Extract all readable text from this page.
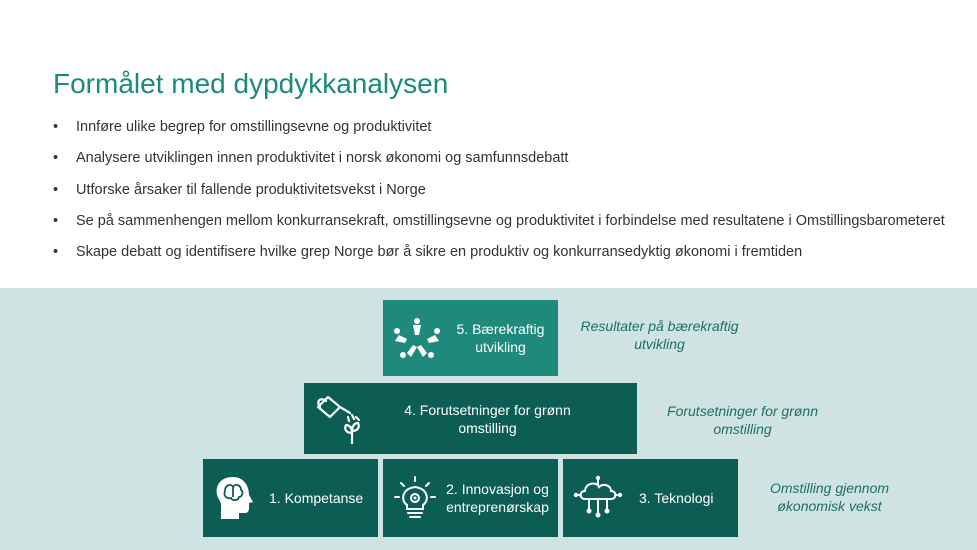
Formålet med dypdykkanalysen
• Innføre ulike begrep for omstillingsevne og produktivitet
• Analysere utviklingen innen produktivitet i norsk økonomi og samfunnsdebatt
• Utforske årsaker til fallende produktivitetsvekst i Norge
• Se på sammenhengen mellom konkurransekraft, omstillingsevne og produktivitet i forbindelse med resultatene i Omstillingsbarometeret
• Skape debatt og identifisere hvilke grep Norge bør å sikre en produktiv og konkurransedyktig økonomi i fremtiden
5. Bærekraftig
utvikling
4. Forutsetninger for grønn
omstilling
1. Kompetanse
2. Innovasjon og
entreprenørskap
3. Teknologi
Resultater på bærekraftig
utvikling
Forutsetninger for grønn
omstilling
Omstilling gjennom
økonomisk vekst
